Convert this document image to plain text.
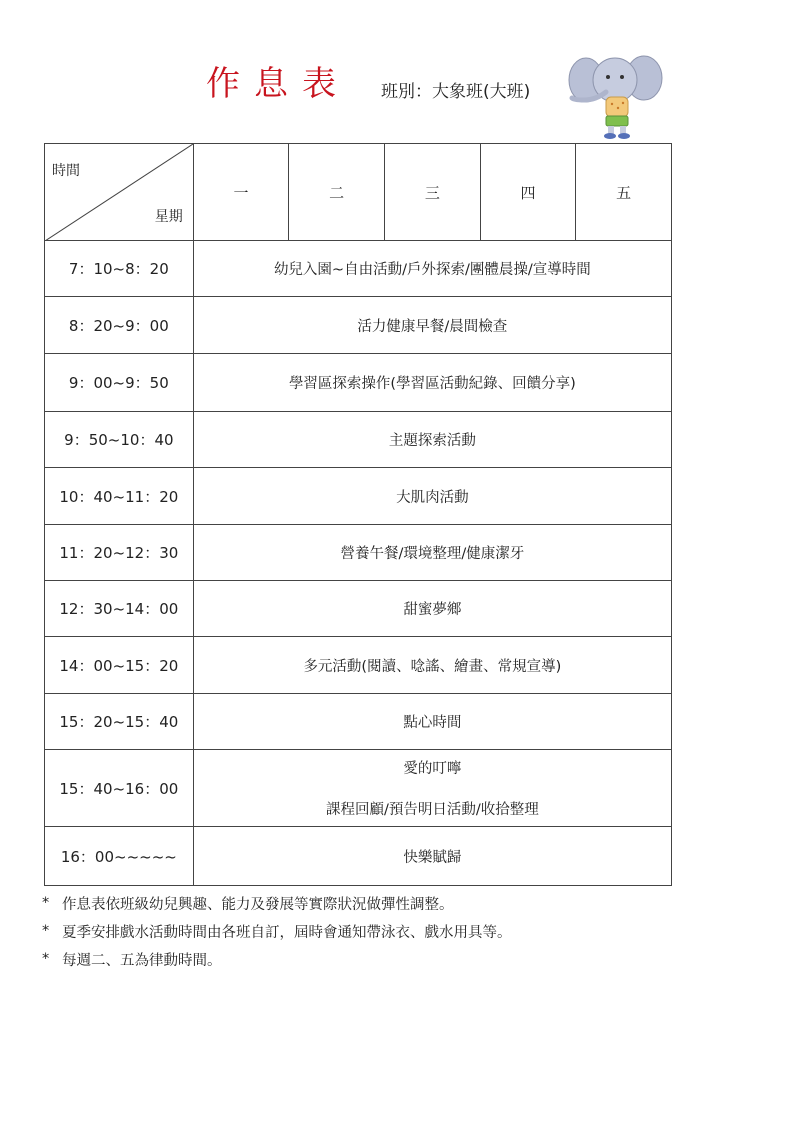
作息表 班別：大象班(大班)
時間
星期	一	二	三	四	五
7：10~8：20	幼兒入園~自由活動/戶外探索/團體晨操/宣導時間				

8：20~9：00	活力健康早餐/晨間檢查				

9：00~9：50	學習區探索操作(學習區活動紀錄、回饋分享)				

9：50~10：40	主題探索活動				

10：40~11：20	大肌肉活動				

11：20~12：30	營養午餐/環境整理/健康潔牙				

12：30~14：00	甜蜜夢鄉				

14：00~15：20	多元活動(閱讀、唸謠、繪畫、常規宣導)				

15：20~15：40	點心時間				

15：40~16：00	愛的叮嚀
課程回顧/預告明日活動/收拾整理				

16：00~~~~~	快樂賦歸				
* 作息表依班級幼兒興趣、能力及發展等實際狀況做彈性調整。
* 夏季安排戲水活動時間由各班自訂，屆時會通知帶泳衣、戲水用具等。
* 每週二、五為律動時間。
